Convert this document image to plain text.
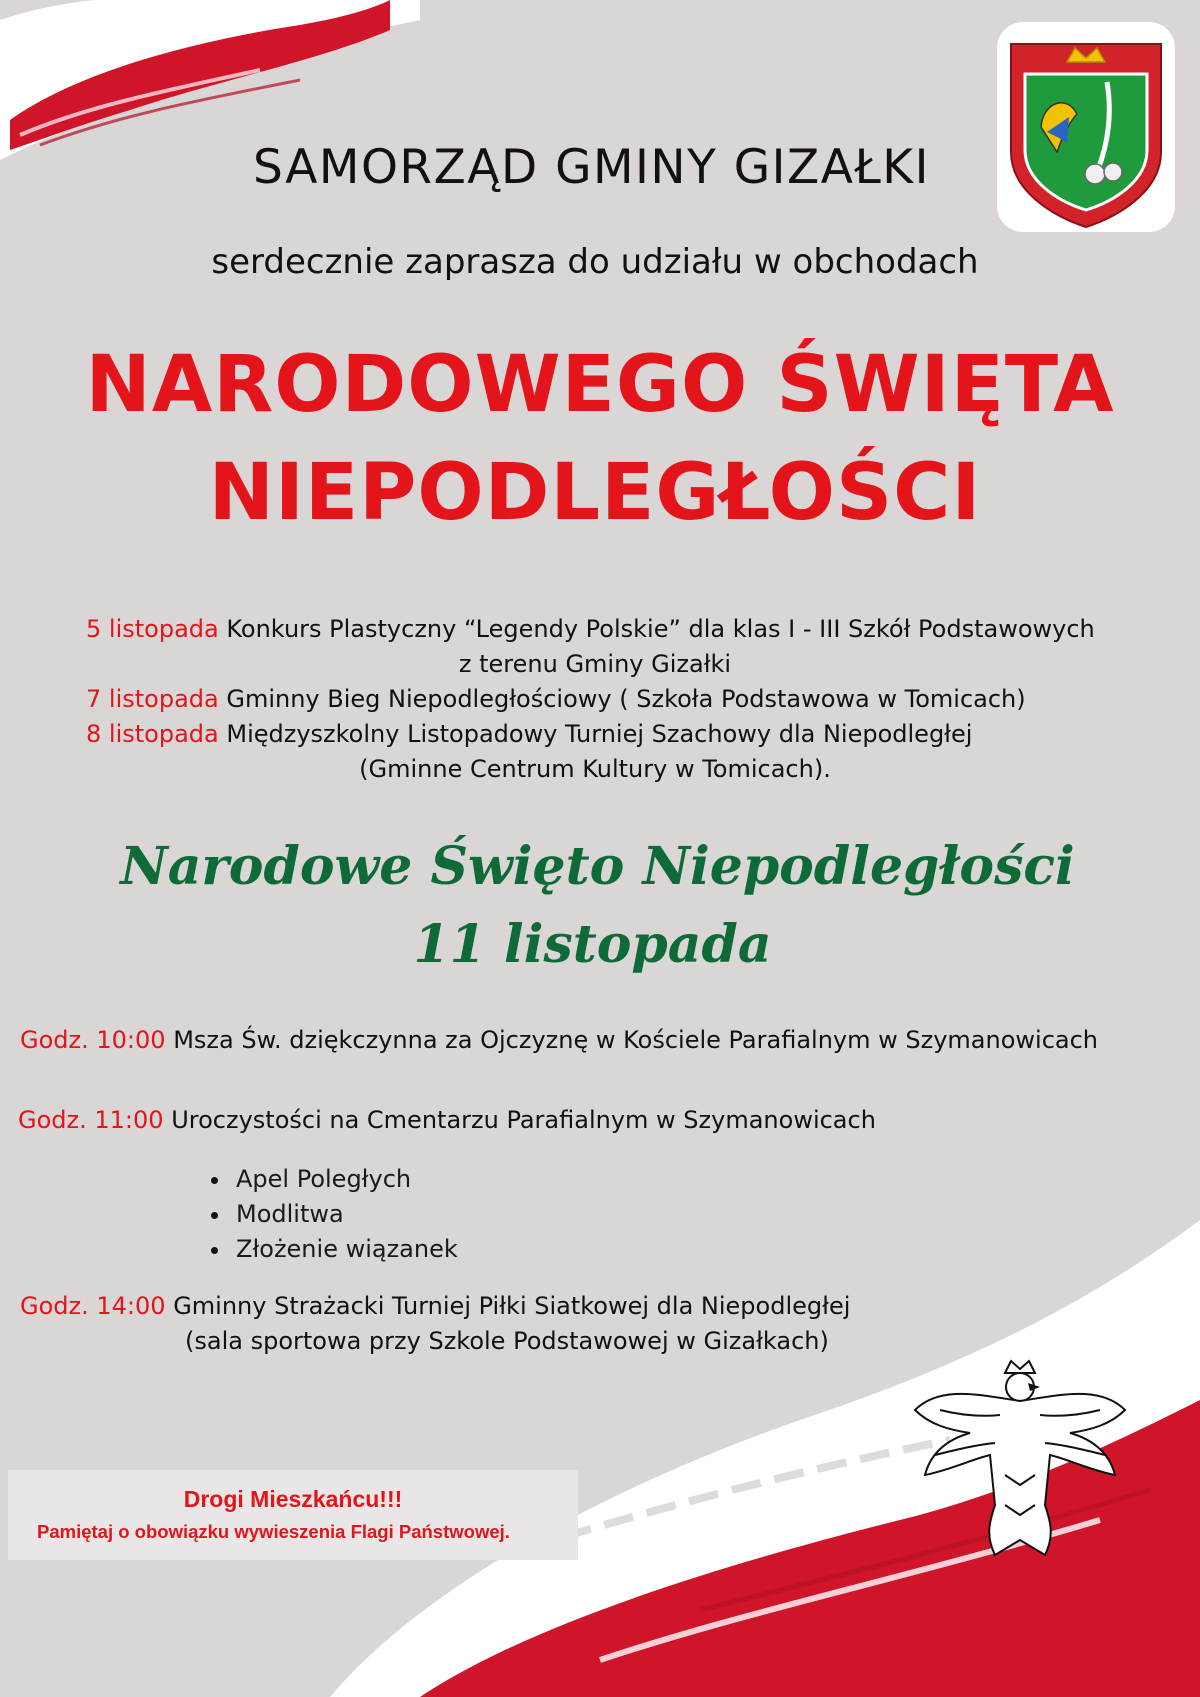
SAMORZĄD GMINY GIZAŁKI
serdecznie zaprasza do udziału w obchodach
NARODOWEGO ŚWIĘTA
NIEPODLEGŁOŚCI
5 listopada Konkurs Plastyczny “Legendy Polskie” dla klas I - III Szkół Podstawowych
z terenu Gminy Gizałki
7 listopada Gminny Bieg Niepodległościowy ( Szkoła Podstawowa w Tomicach)
8 listopada Międzyszkolny Listopadowy Turniej Szachowy dla Niepodległej
(Gminne Centrum Kultury w Tomicach).
Narodowe Święto Niepodległości
11 listopada
Godz. 10:00 Msza Św. dziękczynna za Ojczyznę w Kościele Parafialnym w Szymanowicach
Godz. 11:00 Uroczystości na Cmentarzu Parafialnym w Szymanowicach
Apel Poległych
Modlitwa
Złożenie wiązanek
Godz. 14:00 Gminny Strażacki Turniej Piłki Siatkowej dla Niepodległej
(sala sportowa przy Szkole Podstawowej w Gizałkach)
Drogi Mieszkańcu!!!
Pamiętaj o obowiązku wywieszenia Flagi Państwowej.
